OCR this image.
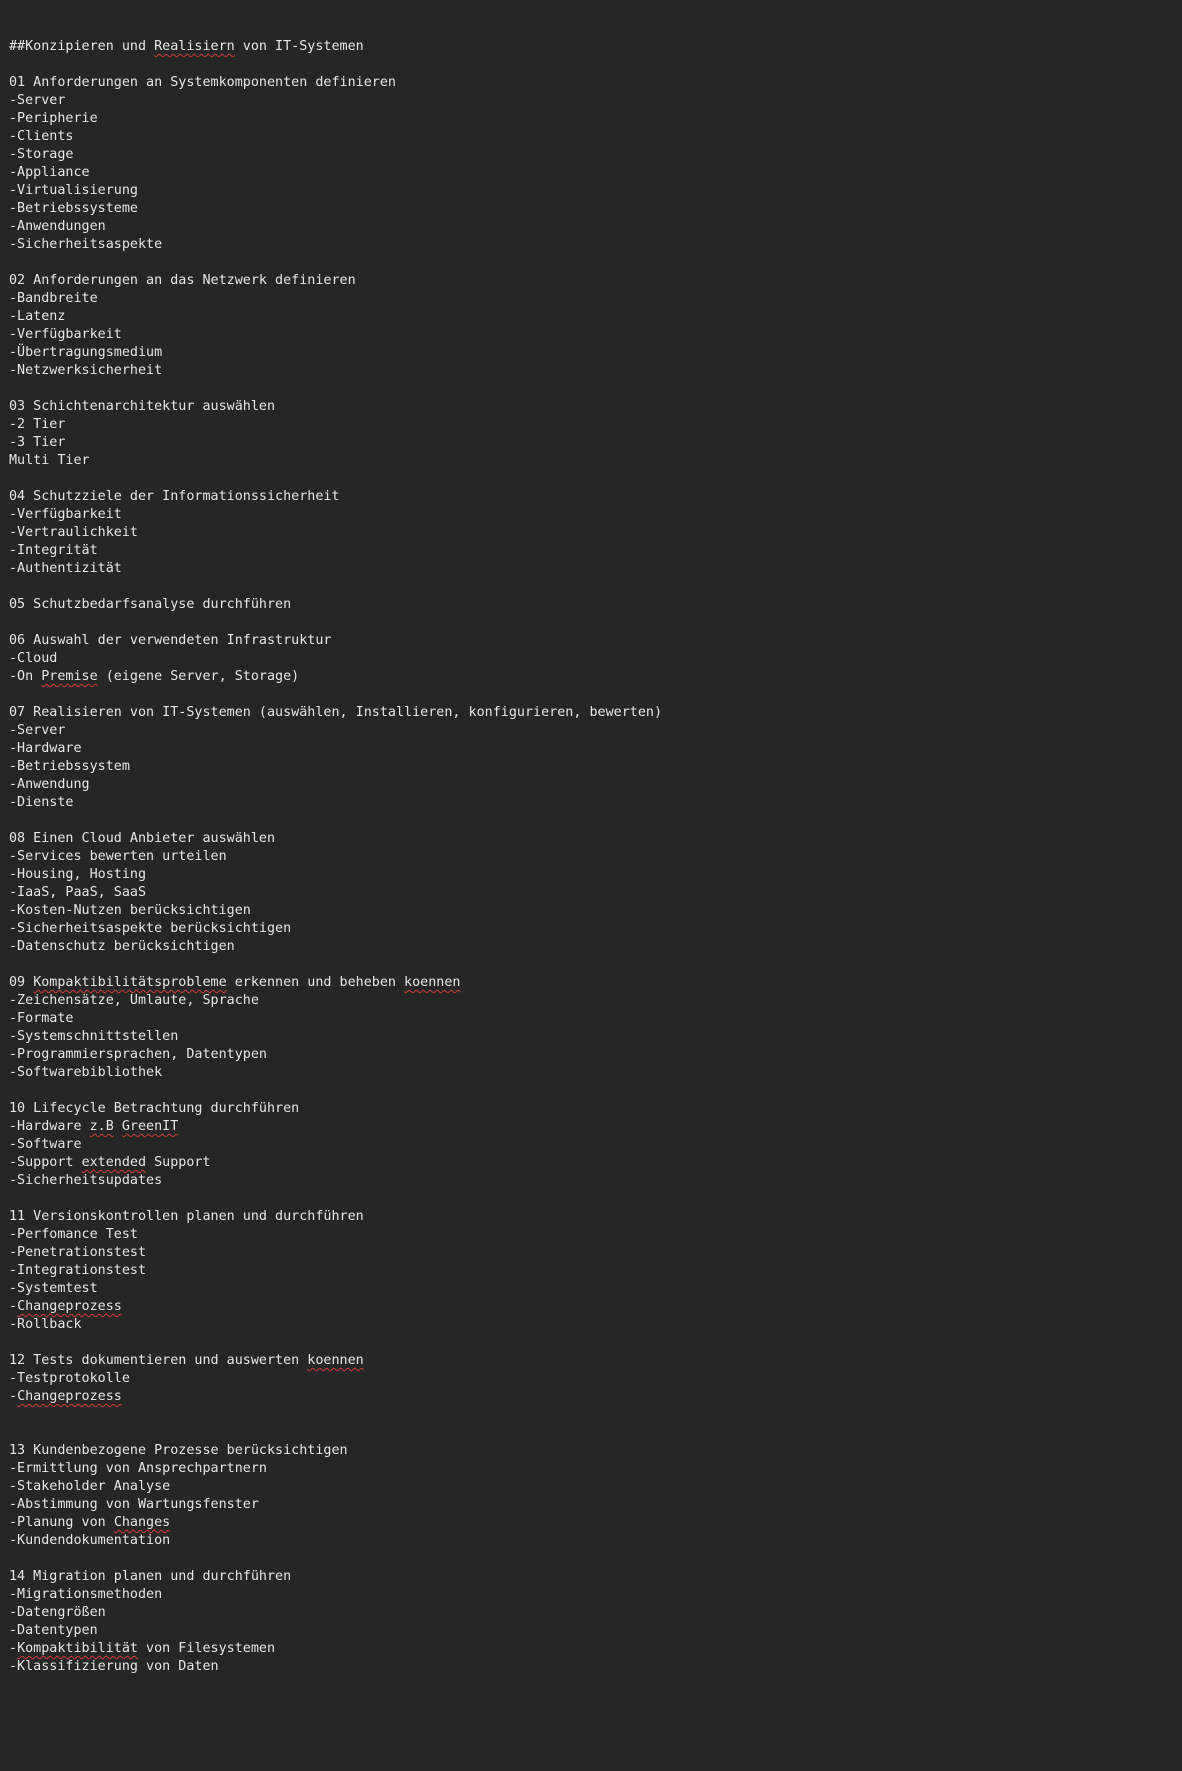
##Konzipieren und Realisiern von IT-Systemen
01 Anforderungen an Systemkomponenten definieren
-Server
-Peripherie
-Clients
-Storage
-Appliance
-Virtualisierung
-Betriebssysteme
-Anwendungen
-Sicherheitsaspekte
02 Anforderungen an das Netzwerk definieren
-Bandbreite
-Latenz
-Verfügbarkeit
-Übertragungsmedium
-Netzwerksicherheit
03 Schichtenarchitektur auswählen
-2 Tier
-3 Tier
Multi Tier
04 Schutzziele der Informationssicherheit
-Verfügbarkeit
-Vertraulichkeit
-Integrität
-Authentizität
05 Schutzbedarfsanalyse durchführen
06 Auswahl der verwendeten Infrastruktur
-Cloud
-On Premise (eigene Server, Storage)
07 Realisieren von IT-Systemen (auswählen, Installieren, konfigurieren, bewerten)
-Server
-Hardware
-Betriebssystem
-Anwendung
-Dienste
08 Einen Cloud Anbieter auswählen
-Services bewerten urteilen
-Housing, Hosting
-IaaS, PaaS, SaaS
-Kosten-Nutzen berücksichtigen
-Sicherheitsaspekte berücksichtigen
-Datenschutz berücksichtigen
09 Kompaktibilitätsprobleme erkennen und beheben koennen
-Zeichensätze, Umlaute, Sprache
-Formate
-Systemschnittstellen
-Programmiersprachen, Datentypen
-Softwarebibliothek
10 Lifecycle Betrachtung durchführen
-Hardware z.B GreenIT
-Software
-Support extended Support
-Sicherheitsupdates
11 Versionskontrollen planen und durchführen
-Perfomance Test
-Penetrationstest
-Integrationstest
-Systemtest
-Changeprozess
-Rollback
12 Tests dokumentieren und auswerten koennen
-Testprotokolle
-Changeprozess
13 Kundenbezogene Prozesse berücksichtigen
-Ermittlung von Ansprechpartnern
-Stakeholder Analyse
-Abstimmung von Wartungsfenster
-Planung von Changes
-Kundendokumentation
14 Migration planen und durchführen
-Migrationsmethoden
-Datengrößen
-Datentypen
-Kompaktibilität von Filesystemen
-Klassifizierung von Daten
